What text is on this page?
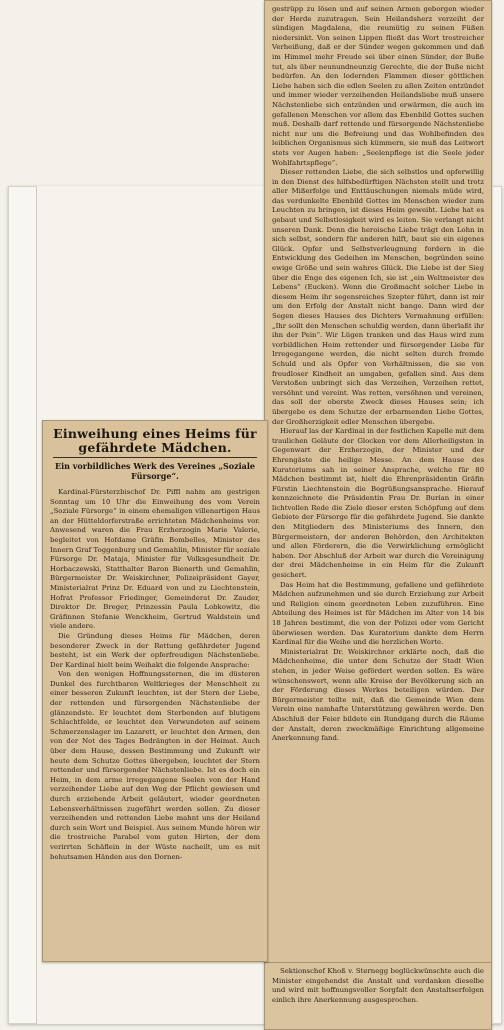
gestrüpp zu lösen und auf seinen Armen geborgen wieder der Herde zuzutragen. Sein Heilandsherz verzeiht der sündigen Magdalena, die reumütig zu seinen Füßen niedersinkt. Von seinen Lippen fließt das Wort trostreicher Verheißung, daß er der Sünder wegen gekommen und daß im Himmel mehr Freude sei über einen Sünder, der Buße tut, als über neunundneunzig Gerechte, die der Buße nicht bedürfen. An den lodernden Flammen dieser göttlichen Liebe haben sich die edlen Seelen zu allen Zeiten entzündet und immer wieder verzeihenden Heilandsliebe muß unsere Nächstenliebe sich entzünden und erwärmen, die auch im gefallenen Menschen vor allem das Ebenbild Gottes suchen muß. Deshalb darf rettende und fürsorgende Nächstenliebe nicht nur um die Befreiung und das Wohlbefinden des leiblichen Organismus sich kümmern, sie muß das Leitwort stets vor Augen haben: „Seelenpflege ist die Seele jeder Wohlfahrtspflege“.

Dieser rettenden Liebe, die sich selbstlos und opferwillig in den Dienst des hilfsbedürftigen Nächsten stellt und trotz aller Mißerfolge und Enttäuschungen niemals müde wird, das verdunkelte Ebenbild Gottes im Menschen wieder zum Leuchten zu bringen, ist dieses Heim geweiht. Liebe hat es gebaut und Selbstlosigkeit wird es leiten. Sie verlangt nicht unseren Dank. Denn die heroische Liebe trägt den Lohn in sich selbst, sondern für anderen hilft, baut sie ein eigenes Glück. Opfer und Selbstverleugnung fordern in die Entwicklung des Gedeihen im Menschen, begründen seine ewige Größe und sein wahres Glück. Die Liebe ist der Sieg über die Enge des eigenen Ich, sie ist „ein Weltmeister des Lebens“ (Eucken). Wenn die Großmacht solcher Liebe in diesem Heim ihr segensreiches Szepter führt, dann ist mir um den Erfolg der Anstalt nicht bange. Dann wird der Segen dieses Hauses des Dichters Vermahnung erfüllen: „Ihr sollt den Menschen schuldig werden, dann überlaßt ihr ihn der Pein“. Wir Lügen tranken und das Haus wird zum vorbildlichen Heim rettender und fürsorgender Liebe für Irregegangene werden, die nicht selten durch fremde Schuld und als Opfer von Verhältnissen, die sie von freudloser Kindheit an umgaben, gefallen sind. Aus dem Verstoßen unbringt sich das Verzeihen, Verzeihen rettet, versöhnt und vereint. Was retten, versöhnen und vereinen, das soll der oberste Zweck dieses Hauses sein; ich übergebe es dem Schutze der erbarmenden Liebe Gottes, der Großherzigkeit edler Menschen übergebe.

Hierauf las der Kardinal in der festlichen Kapelle mit dem traulichen Geläute der Glocken vor dem Allerheiligsten in Gegenwart der Erzherzogin, der Minister und der Ehrengäste die heilige Messe. An dem Hause des Kuratoriums sah in seiner Ansprache, welche für 80 Mädchen bestimmt ist, hielt die Ehrenpräsidentin Gräfin Fürstin Liechtenstein die Begrüßungsansprache. Hierauf kennzeichnete die Präsidentin Frau Dr. Burian in einer lichtvollen Rede die Ziele dieser ersten Schöpfung auf dem Gebiete der Fürsorge für die gefährdete Jugend. Sie dankte den Mitgliedern des Ministeriums des Innern, den Bürgermeistern, der anderen Behörden, den Architekten und allen Förderern, die die Verwirklichung ermöglicht haben. Der Abschluß der Arbeit war durch die Vereinigung der drei Mädchenheime in ein Heim für die Zukunft gesichert.

Das Heim hat die Bestimmung, gefallene und gefährdete Mädchen aufzunehmen und sie durch Erziehung zur Arbeit und Religion einem geordneten Leben zuzuführen. Eine Abteilung des Heimes ist für Mädchen im Alter von 14 bis 18 Jahren bestimmt, die von der Polizei oder vom Gericht überwiesen werden. Das Kuratorium dankte dem Herrn Kardinal für die Weihe und die herzlichen Worte.

Ministerialrat Dr. Weiskirchner erklärte noch, daß die Mädchenheime, die unter dem Schutze der Stadt Wien stehen, in jeder Weise gefördert werden sollen. Es wäre wünschenswert, wenn alle Kreise der Bevölkerung sich an der Förderung dieses Werkes beteiligen würden. Der Bürgermeister teilte mit, daß die Gemeinde Wien dem Verein eine namhafte Unterstützung gewähren werde. Den Abschluß der Feier bildete ein Rundgang durch die Räume der Anstalt, deren zweckmäßige Einrichtung allgemeine Anerkennung fand.

Sektionschef Khoß v. Sternegg beglückwünschte auch die Minister eingehendst die Anstalt und verdanken dieselbe und wird mit hoffnungsvoller Sorgfalt den Anstaltserfolgen einlich ihre Anerkennung ausgesprochen.

Einweihung eines Heims für gefährdete Mädchen.
Ein vorbildliches Werk des Vereines „Soziale Fürsorge“.

Kardinal-Fürsterzbischof Dr. Piffl nahm am gestrigen Sonntag um 10 Uhr die Einweihung des vom Verein „Soziale Fürsorge“ in einem ehemaligen villenartigen Haus an der Hütteldorferstraße errichteten Mädchenheims vor. Anwesend waren die Frau Erzherzogin Marie Valerie, begleitet von Hofdame Gräfin Bombelles, Minister des Innern Graf Toggenburg und Gemahlin, Minister für soziale Fürsorge Dr. Mataja, Minister für Volksgesundheit Dr. Horbaczewski, Statthalter Baron Bienerth und Gemahlin, Bürgermeister Dr. Weiskirchner, Polizeipräsident Gayer, Ministerialrat Prinz Dr. Eduard von und zu Liechtenstein, Hofrat Professor Friedinger, Gemeinderat Dr. Zauder, Direktor Dr. Breger, Prinzessin Paula Lobkowitz, die Gräfinnen Stefanie Wenckheim, Gertrud Waldstein und viele andere.

Die Gründung dieses Heims für Mädchen, deren besonderer Zweck in der Rettung gefährdeter Jugend besteht, ist ein Werk der opferfreudigen Nächstenliebe. Der Kardinal hielt beim Weihakt die folgende Ansprache:

Von den wenigen Hoffnungssternen, die im düsteren Dunkel des furchtbaren Weltkrieges der Menschheit zu einer besseren Zukunft leuchten, ist der Stern der Liebe, der rettenden und fürsorgenden Nächstenliebe der glänzendste. Er leuchtet dem Sterbenden auf blutigem Schlachtfelde, er leuchtet den Verwundeten auf seinem Schmerzenslager im Lazarett, er leuchtet den Armen, den von der Not des Tages Bedrängten in der Heimat. Auch über dem Hause, dessen Bestimmung und Zukunft wir heute dem Schutze Gottes übergeben, leuchtet der Stern rettender und fürsorgender Nächstenliebe. Ist es doch ein Heim, in dem arme irregegangene Seelen von der Hand verzeihender Liebe auf den Weg der Pflicht gewiesen und durch erziehende Arbeit geläutert, wieder geordneten Lebensverhältnissen zugeführt werden sollen. Zu dieser verzeihenden und rettenden Liebe mahnt uns der Heiland durch sein Wort und Beispiel. Aus seinem Munde hören wir die trostreiche Parabel vom guten Hirten, der dem verirrten Schäflein in der Wüste nacheilt, um es mit behutsamen Händen aus den Dornen-
